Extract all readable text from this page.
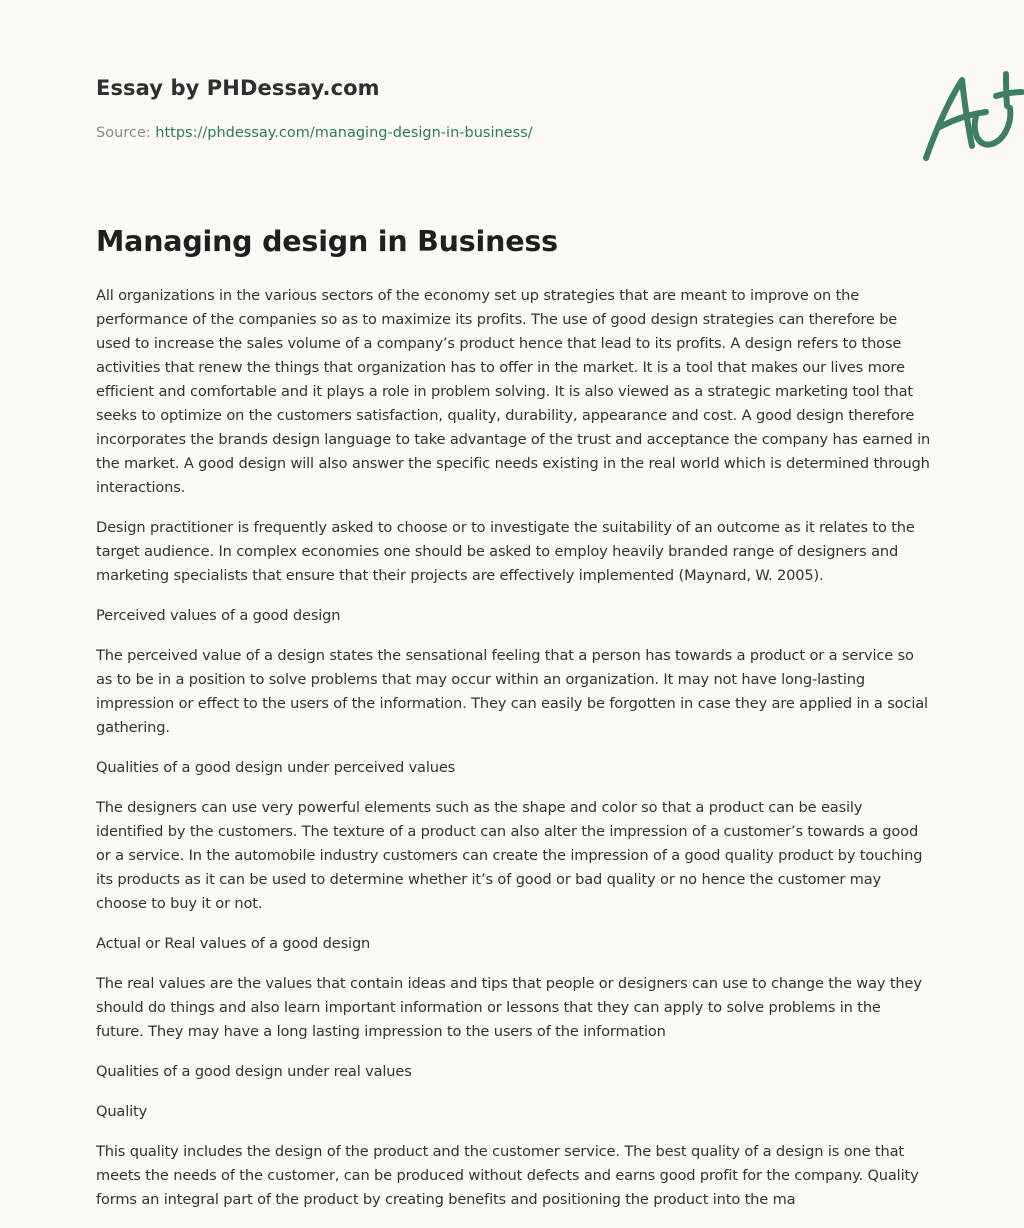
Essay by PHDessay.com

Source: https://phdessay.com/managing-design-in-business/

Managing design in Business

All organizations in the various sectors of the economy set up strategies that are meant to improve on the performance of the companies so as to maximize its profits. The use of good design strategies can therefore be used to increase the sales volume of a company’s product hence that lead to its profits. A design refers to those activities that renew the things that organization has to offer in the market. It is a tool that makes our lives more efficient and comfortable and it plays a role in problem solving. It is also viewed as a strategic marketing tool that seeks to optimize on the customers satisfaction, quality, durability, appearance and cost. A good design therefore incorporates the brands design language to take advantage of the trust and acceptance the company has earned in the market. A good design will also answer the specific needs existing in the real world which is determined through interactions.

Design practitioner is frequently asked to choose or to investigate the suitability of an outcome as it relates to the target audience. In complex economies one should be asked to employ heavily branded range of designers and marketing specialists that ensure that their projects are effectively implemented (Maynard, W. 2005).

Perceived values of a good design

The perceived value of a design states the sensational feeling that a person has towards a product or a service so as to be in a position to solve problems that may occur within an organization. It may not have long-lasting impression or effect to the users of the information. They can easily be forgotten in case they are applied in a social gathering.

Qualities of a good design under perceived values

The designers can use very powerful elements such as the shape and color so that a product can be easily identified by the customers. The texture of a product can also alter the impression of a customer’s towards a good or a service. In the automobile industry customers can create the impression of a good quality product by touching its products as it can be used to determine whether it’s of good or bad quality or no hence the customer may choose to buy it or not.

Actual or Real values of a good design

The real values are the values that contain ideas and tips that people or designers can use to change the way they should do things and also learn important information or lessons that they can apply to solve problems in the future. They may have a long lasting impression to the users of the information

Qualities of a good design under real values

Quality

This quality includes the design of the product and the customer service. The best quality of a design is one that meets the needs of the customer, can be produced without defects and earns good profit for the company. Quality forms an integral part of the product by creating benefits and positioning the product into the ma
